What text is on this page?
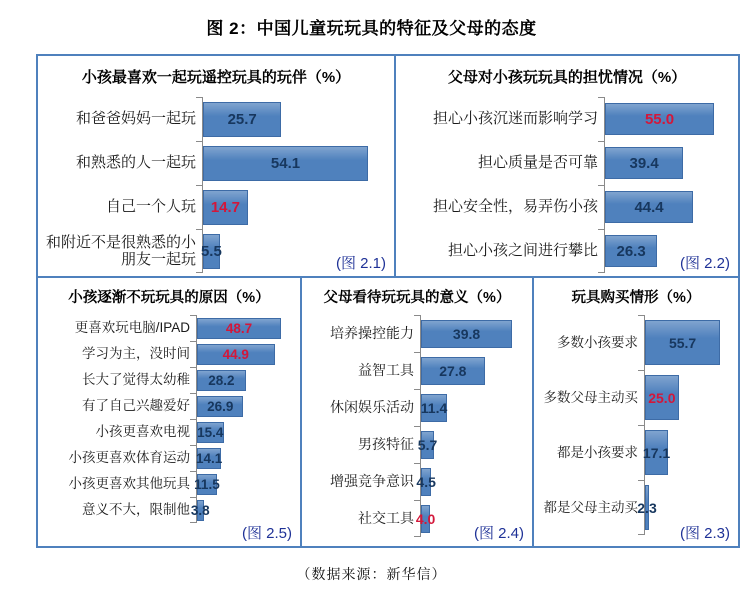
图 2：中国儿童玩玩具的特征及父母的态度
小孩最喜欢一起玩遥控玩具的玩伴（%）
和爸爸妈妈一起玩	25.7
和熟悉的人一起玩	54.1
自己一个人玩 14.7
和附近不是很熟悉的小朋友一起玩 5.5
(图 2.1)
父母对小孩玩玩具的担忧情况（%）
担心小孩沉迷而影响学习	55.0
担心质量是否可靠	39.4
担心安全性，易弄伤小孩	44.4
担心小孩之间进行攀比	26.3
(图 2.2)
小孩逐渐不玩玩具的原因（%）
更喜欢玩电脑/IPAD	48.7
学习为主，没时间	44.9
长大了觉得太幼稚	28.2
有了自己兴趣爱好	26.9
小孩更喜欢电视 15.4
小孩更喜欢体育运动 14.1
小孩更喜欢其他玩具 11.5
意义不大，限制他 3.8
(图 2.5)
父母看待玩玩具的意义（%）
培养操控能力	39.8
益智工具	27.8
休闲娱乐活动 11.4
男孩特征 5.7
增强竞争意识 4.5
社交工具 4.0
(图 2.4)
玩具购买情形（%）
多数小孩要求	55.7
多数父母主动买 25.0
都是小孩要求 17.1
都是父母主动买 2.3
(图 2.3)
（数据来源：新华信）
